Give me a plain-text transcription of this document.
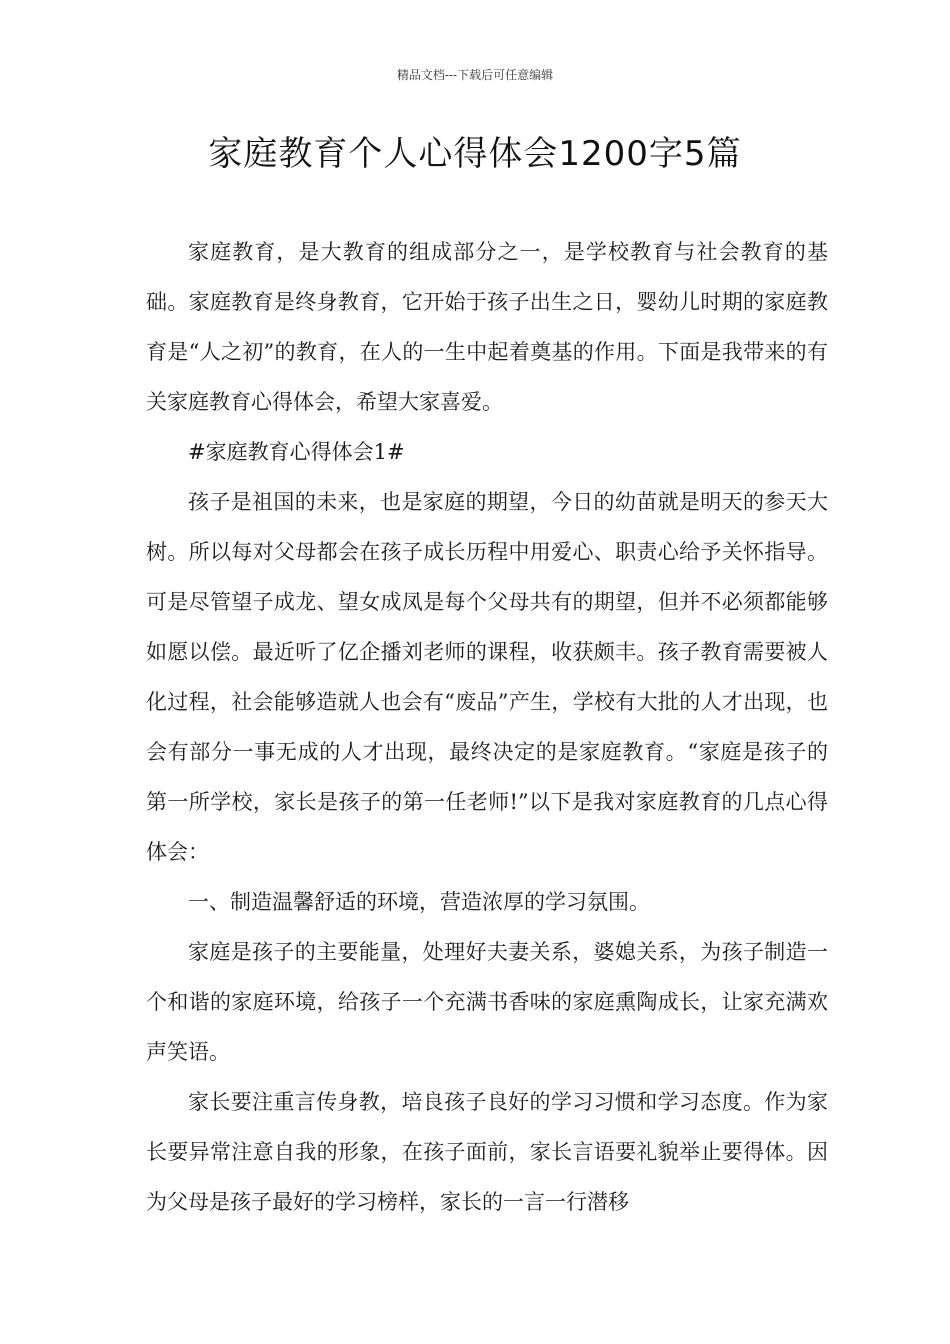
精品文档---下载后可任意编辑
家庭教育个人心得体会1200字5篇

家庭教育，是大教育的组成部分之一，是学校教育与社会教育的基础。家庭教育是终身教育，它开始于孩子出生之日，婴幼儿时期的家庭教育是“人之初”的教育，在人的一生中起着奠基的作用。下面是我带来的有关家庭教育心得体会，希望大家喜爱。

#家庭教育心得体会1#

孩子是祖国的未来，也是家庭的期望，今日的幼苗就是明天的参天大树。所以每对父母都会在孩子成长历程中用爱心、职责心给予关怀指导。可是尽管望子成龙、望女成凤是每个父母共有的期望，但并不必须都能够如愿以偿。最近听了亿企播刘老师的课程，收获颇丰。孩子教育需要被人化过程，社会能够造就人也会有“废品”产生，学校有大批的人才出现，也会有部分一事无成的人才出现，最终决定的是家庭教育。“家庭是孩子的第一所学校，家长是孩子的第一任老师!”以下是我对家庭教育的几点心得体会：

一、制造温馨舒适的环境，营造浓厚的学习氛围。

家庭是孩子的主要能量，处理好夫妻关系，婆媳关系，为孩子制造一个和谐的家庭环境，给孩子一个充满书香味的家庭熏陶成长，让家充满欢声笑语。

家长要注重言传身教，培良孩子良好的学习习惯和学习态度。作为家长要异常注意自我的形象，在孩子面前，家长言语要礼貌举止要得体。因为父母是孩子最好的学习榜样，家长的一言一行潜移
